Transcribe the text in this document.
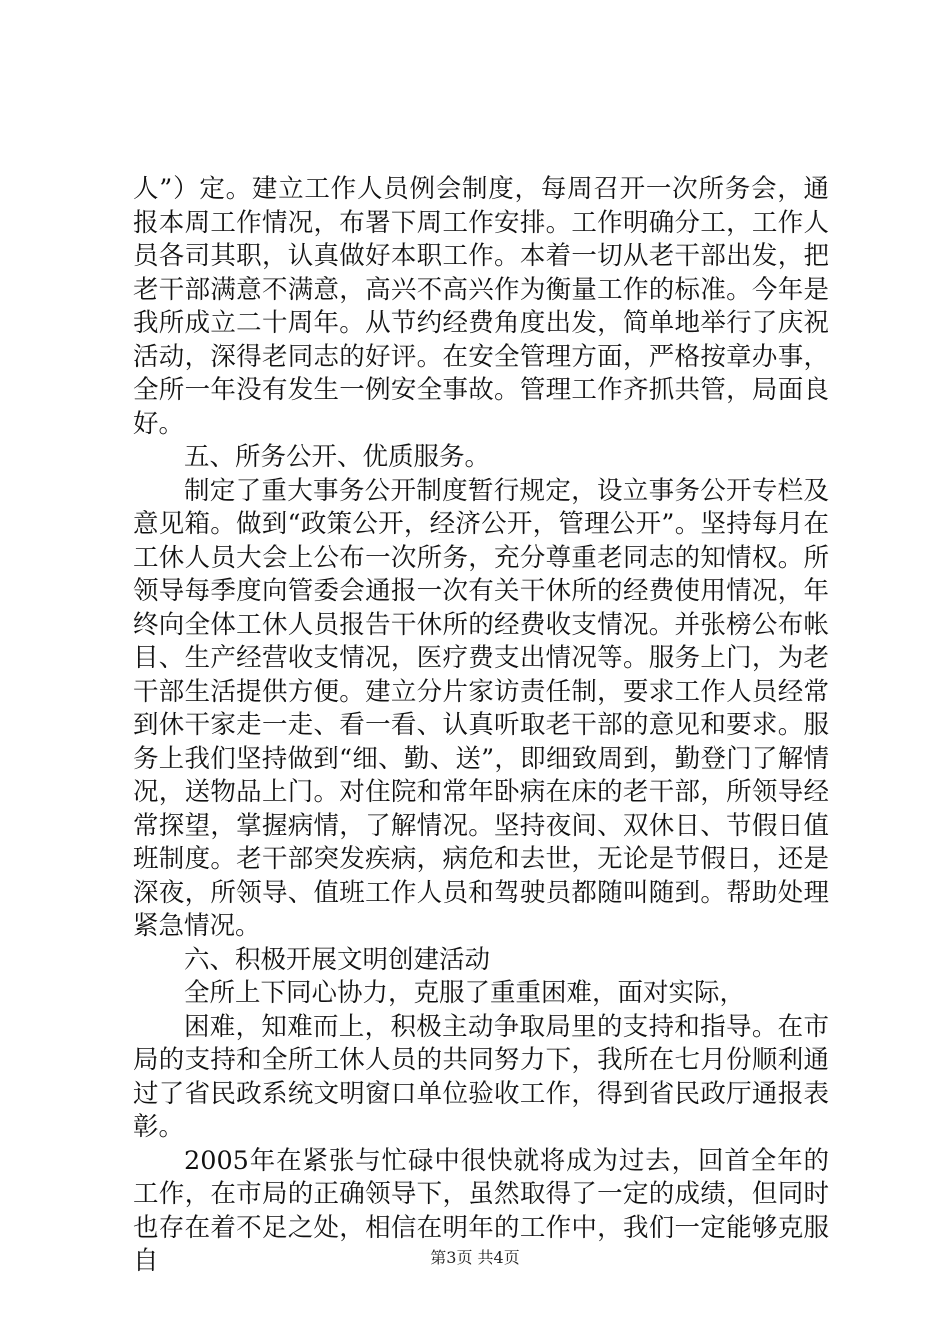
人”）定。建立工作人员例会制度，每周召开一次所务会，通报本周工作情况，布署下周工作安排。工作明确分工，工作人员各司其职，认真做好本职工作。本着一切从老干部出发，把老干部满意不满意，高兴不高兴作为衡量工作的标准。今年是我所成立二十周年。从节约经费角度出发，简单地举行了庆祝活动，深得老同志的好评。在安全管理方面，严格按章办事，全所一年没有发生一例安全事故。管理工作齐抓共管，局面良好。

五、所务公开、优质服务。

制定了重大事务公开制度暂行规定，设立事务公开专栏及意见箱。做到“政策公开，经济公开，管理公开”。坚持每月在工休人员大会上公布一次所务，充分尊重老同志的知情权。所领导每季度向管委会通报一次有关干休所的经费使用情况，年终向全体工休人员报告干休所的经费收支情况。并张榜公布帐目、生产经营收支情况，医疗费支出情况等。服务上门，为老干部生活提供方便。建立分片家访责任制，要求工作人员经常到休干家走一走、看一看、认真听取老干部的意见和要求。服务上我们坚持做到“细、勤、送”，即细致周到，勤登门了解情况，送物品上门。对住院和常年卧病在床的老干部，所领导经常探望，掌握病情，了解情况。坚持夜间、双休日、节假日值班制度。老干部突发疾病，病危和去世，无论是节假日，还是深夜，所领导、值班工作人员和驾驶员都随叫随到。帮助处理紧急情况。

六、积极开展文明创建活动

全所上下同心协力，克服了重重困难，面对实际，

困难，知难而上，积极主动争取局里的支持和指导。在市局的支持和全所工休人员的共同努力下，我所在七月份顺利通过了省民政系统文明窗口单位验收工作，得到省民政厅通报表彰。

2005年在紧张与忙碌中很快就将成为过去，回首全年的工作，在市局的正确领导下，虽然取得了一定的成绩，但同时也存在着不足之处，相信在明年的工作中，我们一定能够克服自	第3页 共4页
